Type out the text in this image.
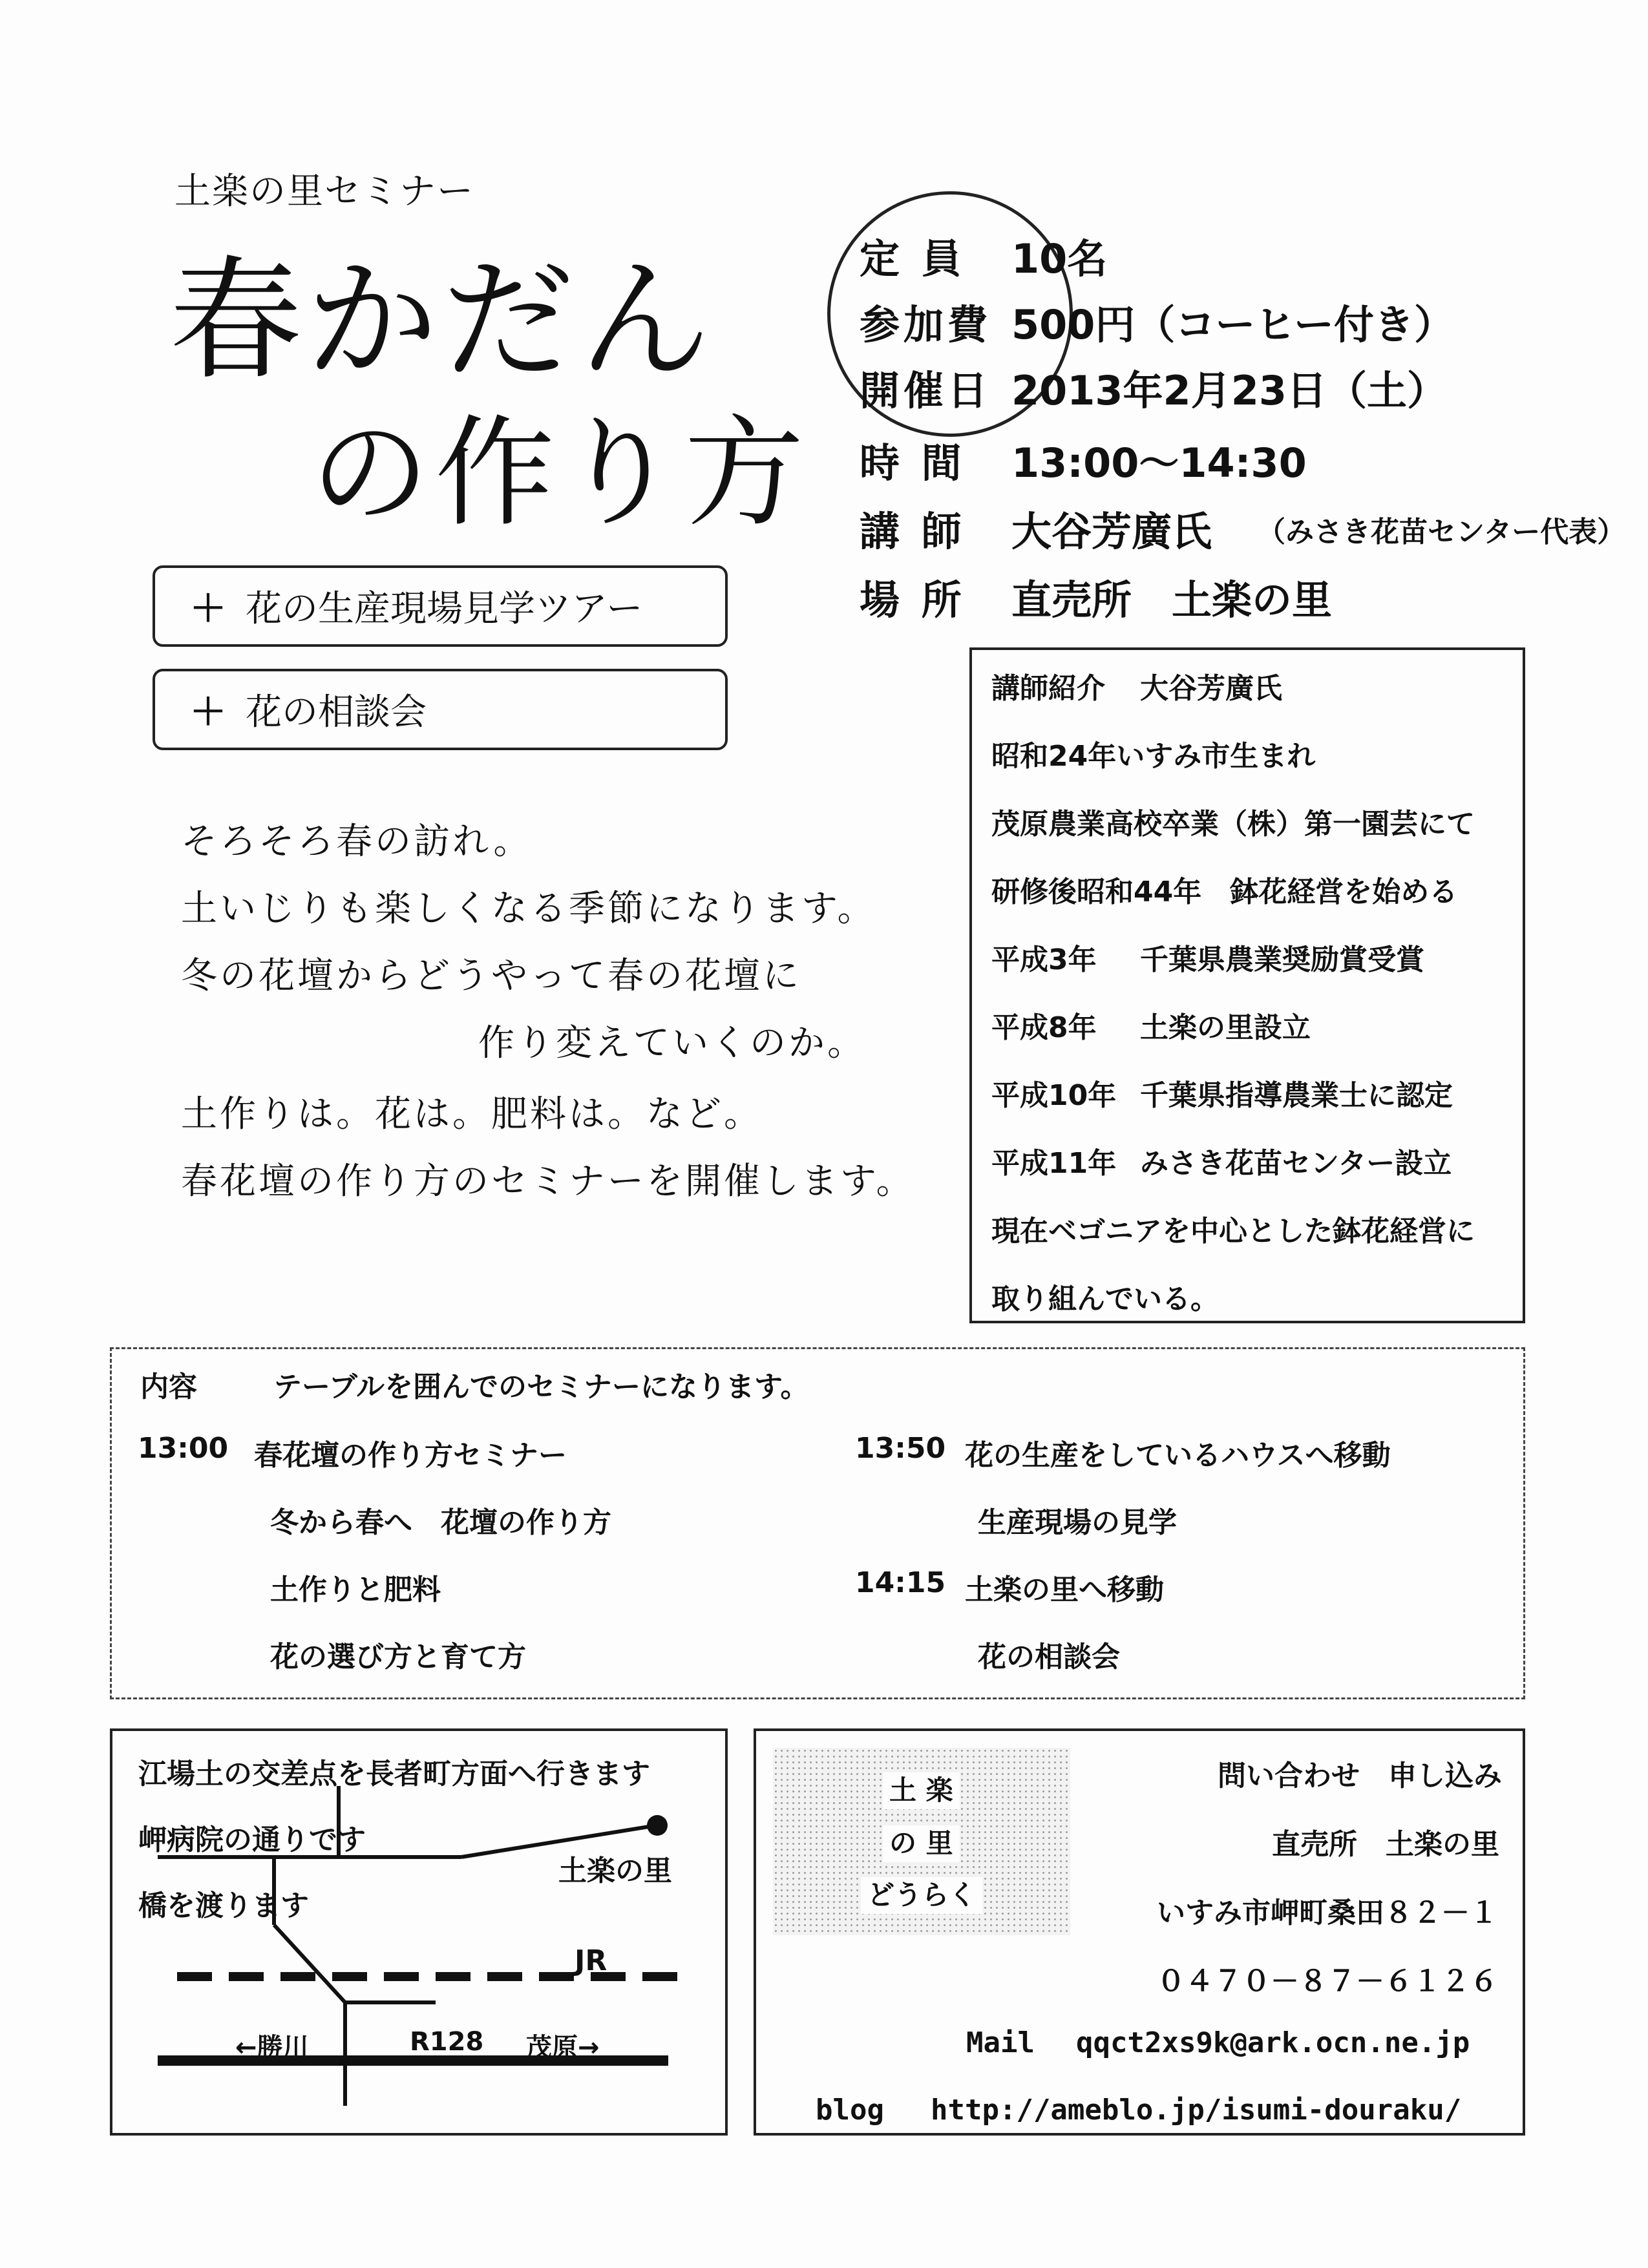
土楽の里セミナー
春かだん
の作り方
定 員	10名
参加費 500円（コーヒー付き）
開催日 2013年2月23日（土）
時 間	13:00～14:30
講 師	大谷芳廣氏 （みさき花苗センター代表）
場 所	直売所　土楽の里
＋ 花の生産現場見学ツアー
＋ 花の相談会
そろそろ春の訪れ。
土いじりも楽しくなる季節になります。
冬の花壇からどうやって春の花壇に
作り変えていくのか。
土作りは。花は。肥料は。など。
春花壇の作り方のセミナーを開催します。
講師紹介 大谷芳廣氏
昭和24年いすみ市生まれ
茂原農業高校卒業（株）第一園芸にて
研修後昭和44年　鉢花経営を始める
平成3年 千葉県農業奨励賞受賞
平成8年 土楽の里設立
平成10年 千葉県指導農業士に認定
平成11年 みさき花苗センター設立
現在ベゴニアを中心とした鉢花経営に
取り組んでいる。
内容	テーブルを囲んでのセミナーになります。
13:00 春花壇の作り方セミナー
冬から春へ　花壇の作り方
土作りと肥料
花の選び方と育て方
13:50 花の生産をしているハウスへ移動
生産現場の見学
14:15 土楽の里へ移動
花の相談会
江場土の交差点を長者町方面へ行きます
岬病院の通りです
橋を渡ります
土楽の里
JR
←勝川	R128 茂原→
土 楽
の 里
どうらく
問い合わせ　申し込み
直売所　土楽の里
いすみ市岬町桑田８２－１
０４７０－８７－６１２６
Mail qqct2xs9k@ark.ocn.ne.jp
blog http://ameblo.jp/isumi-douraku/
